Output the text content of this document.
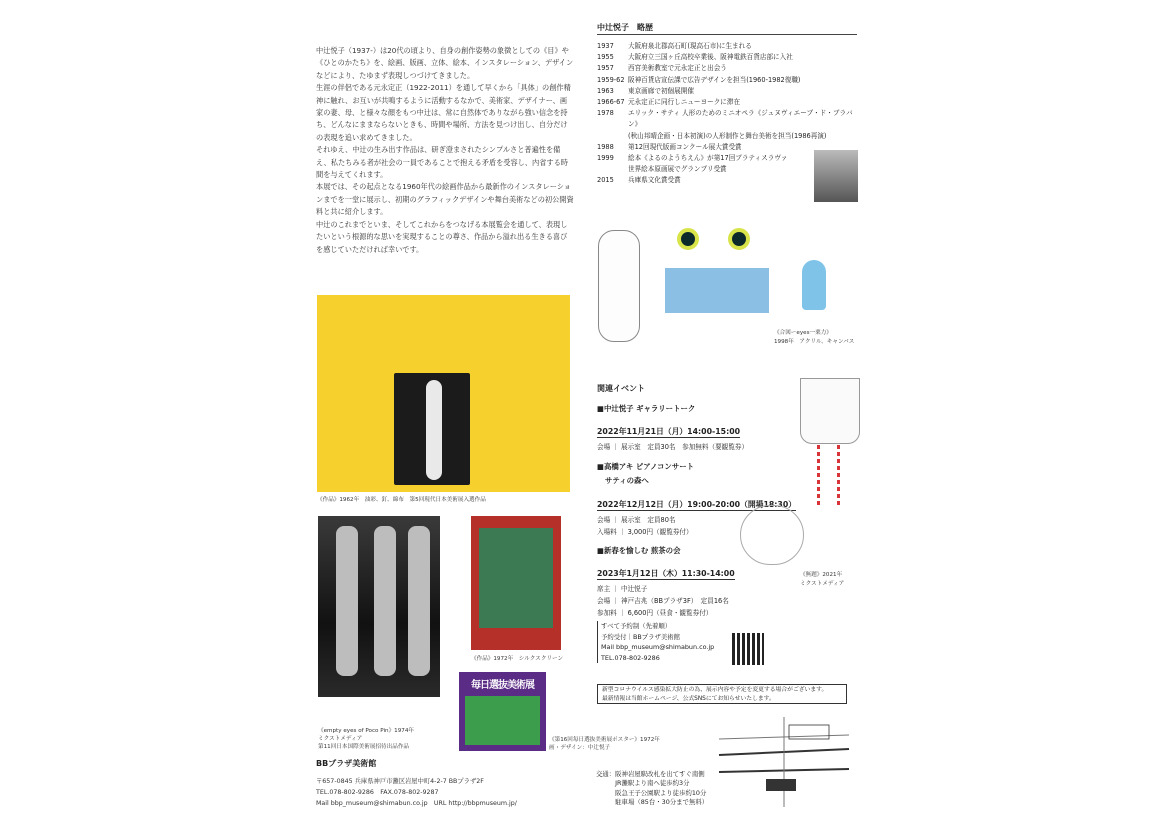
中辻悦子（1937-）は20代の頃より、自身の創作姿勢の象徴としての《目》や《ひとのかたち》を、絵画、版画、立体、絵本、インスタレーション、デザインなどにより、たゆまず表現しつづけてきました。

生涯の伴侶である元永定正（1922-2011）を通して早くから「具体」の創作精神に触れ、お互いが共鳴するように活動するなかで、美術家、デザイナー、画家の妻、母、と様々な顔をもつ中辻は、常に自然体でありながら強い信念を持ち、どんなにままならないときも、時間や場所、方法を見つけ出し、自分だけの表現を追い求めてきました。

それゆえ、中辻の生み出す作品は、研ぎ澄まされたシンプルさと普遍性を備え、私たちみる者が社会の一員であることで抱える矛盾を受容し、内省する時間を与えてくれます。

本展では、その起点となる1960年代の絵画作品から最新作のインスタレーションまでを一堂に展示し、初期のグラフィックデザインや舞台美術などの初公開資料と共に紹介します。

中辻のこれまでといま、そしてこれからをつなげる本展覧会を通して、表現したいという根源的な思いを実現することの尊さ、作品から溢れ出る生きる喜びを感じていただければ幸いです。

中辻悦子　略歴
1937	大阪府泉北郡高石町(現高石市)に生まれる
1955	大阪府立三国ヶ丘高校卒業後、阪神電鉄百貨店部に入社
1957	西宮美術教室で元永定正と出会う
1959-62 阪神百貨店宣伝課で広告デザインを担当(1960-1982復職)
1963	東京画廊で初個展開催
1966-67 元永定正に同行しニューヨークに滞在
1978	エリック・サティ 人形のためのミニオペラ《ジュヌヴィエーブ・ド・ブラバン》
(秋山邦晴企画・日本初演)の人形制作と舞台美術を担当(1986再演)
1988	第12回現代版画コンクール展大賞受賞
1999	絵本《よるのようちえん》が第17回ブラティスラヴァ
世界絵本原画展でグランプリ受賞
2015	兵庫県文化賞受賞
《合図ーeyes一栗力》
1998年　アクリル、キャンバス
《作品》1962年　油彩、釘、綿布　第5回現代日本美術展入選作品
《empty eyes of Poco Pin》1974年
ミクストメディア
第11回日本国際美術展招待出品作品
《作品》1972年　シルクスクリーン
毎日選抜美術展
《第16回毎日選抜美術展ポスター》1972年
画・デザイン：中辻悦子
BBプラザ美術館
〒657-0845 兵庫県神戸市灘区岩屋中町4-2-7 BBプラザ2F
TEL.078-802-9286　FAX.078-802-9287
Mail bbp_museum@shimabun.co.jp　URL http://bbpmuseum.jp/
関連イベント
■中辻悦子 ギャラリートーク
2022年11月21日（月）14:00-15:00
会場 ｜ 展示室　定員30名　参加無料（要観覧券）
■高橋アキ ピアノコンサート
サティの森へ
2022年12月12日（月）19:00-20:00（開場18:30）
会場 ｜ 展示室　定員80名
入場料 ｜ 3,000円（観覧券付）
■新春を愉しむ 煎茶の会
2023年1月12日（木）11:30-14:00
席主 ｜ 中辻悦子
会場 ｜ 神戸吉兆（BBプラザ3F）　定員16名
参加料 ｜ 6,600円（昼食・観覧券付）
すべて予約制（先着順）
予約受付｜BBプラザ美術館
Mail bbp_museum@shimabun.co.jp
TEL.078-802-9286
《無題》2021年
ミクストメディア
新型コロナウイルス感染拡大防止の為、展示内容や予定を変更する場合がございます。
最新情報は当館ホームページ、公式SNSにてお知らせいたします。
交通：阪神岩屋駅改札を出てすぐ南側
　　　JR灘駅より南へ徒歩約3分
　　　阪急王子公園駅より徒歩約10分
　　　駐車場（85台・30分まで無料）
